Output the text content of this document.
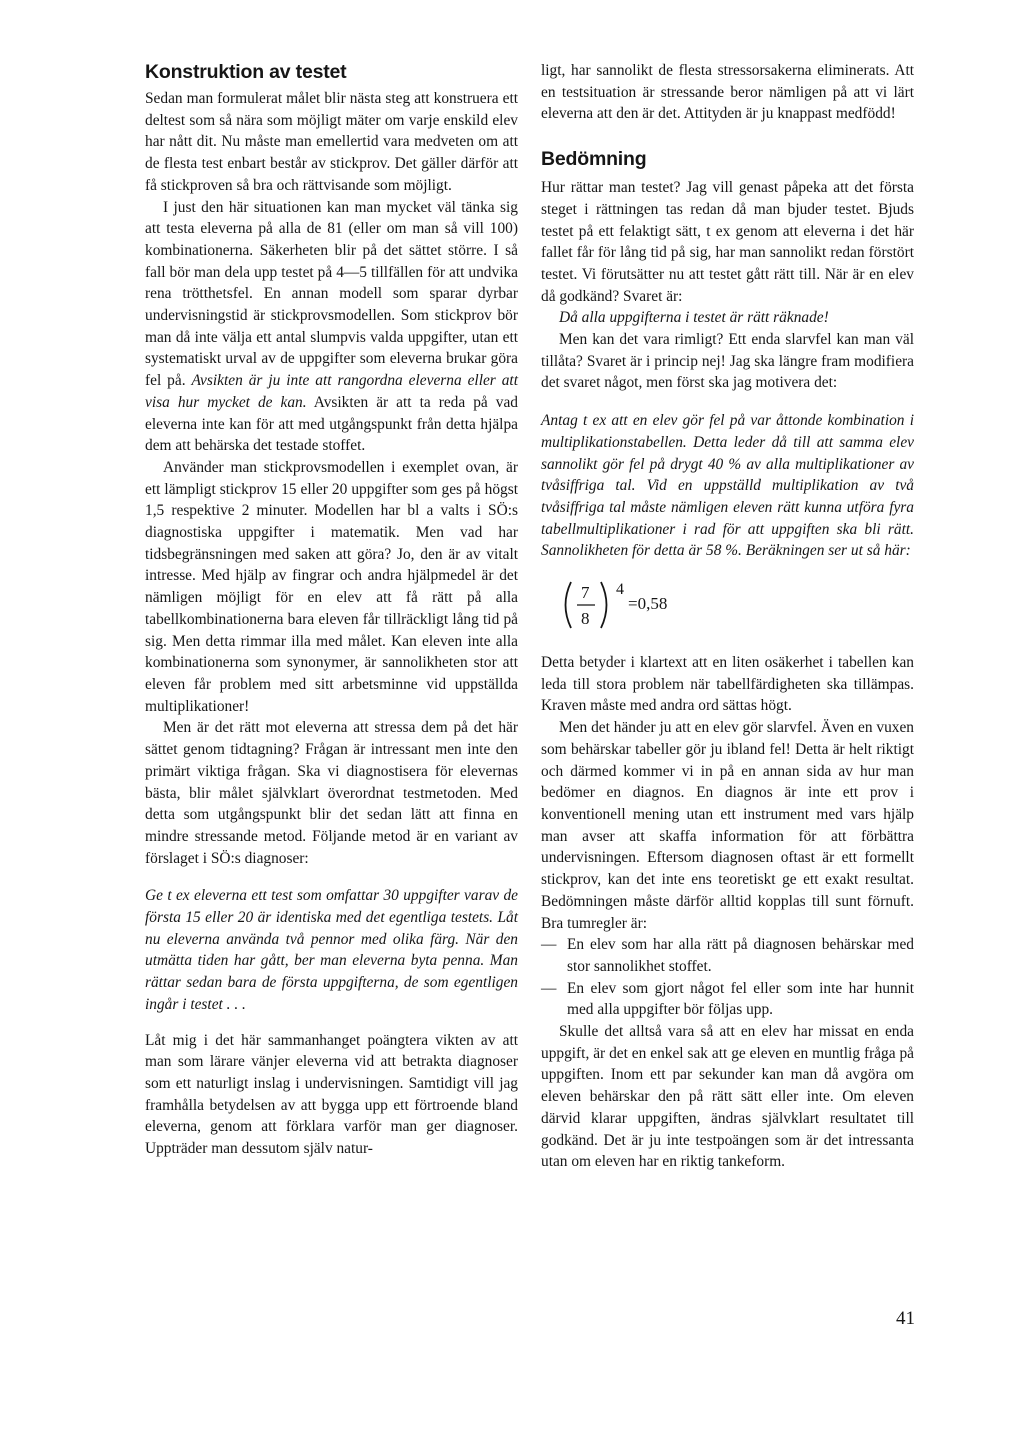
Konstruktion av testet

Sedan man formulerat målet blir nästa steg att konstruera ett deltest som så nära som möjligt mäter om varje enskild elev har nått dit. Nu måste man emellertid vara medveten om att de flesta test enbart består av stickprov. Det gäller därför att få stickproven så bra och rättvisande som möjligt.

I just den här situationen kan man mycket väl tänka sig att testa eleverna på alla de 81 (eller om man så vill 100) kombinationerna. Säkerheten blir på det sättet större. I så fall bör man dela upp testet på 4—5 tillfällen för att undvika rena trötthetsfel. En annan modell som sparar dyrbar undervisningstid är stickprovsmodellen. Som stickprov bör man då inte välja ett antal slumpvis valda uppgifter, utan ett systematiskt urval av de uppgifter som eleverna brukar göra fel på. Avsikten är ju inte att rangordna eleverna eller att visa hur mycket de kan. Avsikten är att ta reda på vad eleverna inte kan för att med utgångspunkt från detta hjälpa dem att behärska det testade stoffet.

Använder man stickprovsmodellen i exemplet ovan, är ett lämpligt stickprov 15 eller 20 uppgifter som ges på högst 1,5 respektive 2 minuter. Modellen har bl a valts i SÖ:s diagnostiska uppgifter i matematik. Men vad har tidsbegränsningen med saken att göra? Jo, den är av vitalt intresse. Med hjälp av fingrar och andra hjälpmedel är det nämligen möjligt för en elev att få rätt på alla tabellkombinationerna bara eleven får tillräckligt lång tid på sig. Men detta rimmar illa med målet. Kan eleven inte alla kombinationerna som synonymer, är sannolikheten stor att eleven får problem med sitt arbetsminne vid uppställda multiplikationer!

Men är det rätt mot eleverna att stressa dem på det här sättet genom tidtagning? Frågan är intressant men inte den primärt viktiga frågan. Ska vi diagnostisera för elevernas bästa, blir målet självklart överordnat testmetoden. Med detta som utgångspunkt blir det sedan lätt att finna en mindre stressande metod. Följande metod är en variant av förslaget i SÖ:s diagnoser:

Ge t ex eleverna ett test som omfattar 30 uppgifter varav de första 15 eller 20 är identiska med det egentliga testets. Låt nu eleverna använda två pennor med olika färg. När den utmätta tiden har gått, ber man eleverna byta penna. Man rättar sedan bara de första uppgifterna, de som egentligen ingår i testet . . .

Låt mig i det här sammanhanget poängtera vikten av att man som lärare vänjer eleverna vid att betrakta diagnoser som ett naturligt inslag i undervisningen. Samtidigt vill jag framhålla betydelsen av att bygga upp ett förtroende bland eleverna, genom att förklara varför man ger diagnoser. Uppträder man dessutom själv natur-

ligt, har sannolikt de flesta stressorsakerna eliminerats. Att en testsituation är stressande beror nämligen på att vi lärt eleverna att den är det. Attityden är ju knappast medfödd!

Bedömning

Hur rättar man testet? Jag vill genast påpeka att det första steget i rättningen tas redan då man bjuder testet. Bjuds testet på ett felaktigt sätt, t ex genom att eleverna i det här fallet får för lång tid på sig, har man sannolikt redan förstört testet. Vi förutsätter nu att testet gått rätt till. När är en elev då godkänd? Svaret är:

Då alla uppgifterna i testet är rätt räknade!

Men kan det vara rimligt? Ett enda slarvfel kan man väl tillåta? Svaret är i princip nej! Jag ska längre fram modifiera det svaret något, men först ska jag motivera det:

Antag t ex att en elev gör fel på var åttonde kombination i multiplikationstabellen. Detta leder då till att samma elev sannolikt gör fel på drygt 40 % av alla multiplikationer av tvåsiffriga tal. Vid en uppställd multiplikation av två tvåsiffriga tal måste nämligen eleven rätt kunna utföra fyra tabellmultiplikationer i rad för att uppgiften ska bli rätt. Sannolikheten för detta är 58 %. Beräkningen ser ut så här:

7
8
4
=0,58

Detta betyder i klartext att en liten osäkerhet i tabellen kan leda till stora problem när tabellfärdigheten ska tillämpas. Kraven måste med andra ord sättas högt.

Men det händer ju att en elev gör slarvfel. Även en vuxen som behärskar tabeller gör ju ibland fel! Detta är helt riktigt och därmed kommer vi in på en annan sida av hur man bedömer en diagnos. En diagnos är inte ett prov i konventionell mening utan ett instrument med vars hjälp man avser att skaffa information för att förbättra undervisningen. Eftersom diagnosen oftast är ett formellt stickprov, kan det inte ens teoretiskt ge ett exakt resultat. Bedömningen måste därför alltid kopplas till sunt förnuft. Bra tumregler är:

— En elev som har alla rätt på diagnosen behärskar med stor sannolikhet stoffet.
— En elev som gjort något fel eller som inte har hunnit med alla uppgifter bör följas upp.

Skulle det alltså vara så att en elev har missat en enda uppgift, är det en enkel sak att ge eleven en muntlig fråga på uppgiften. Inom ett par sekunder kan man då avgöra om eleven behärskar den på rätt sätt eller inte. Om eleven därvid klarar uppgiften, ändras självklart resultatet till godkänd. Det är ju inte testpoängen som är det intressanta utan om eleven har en riktig tankeform.

41
